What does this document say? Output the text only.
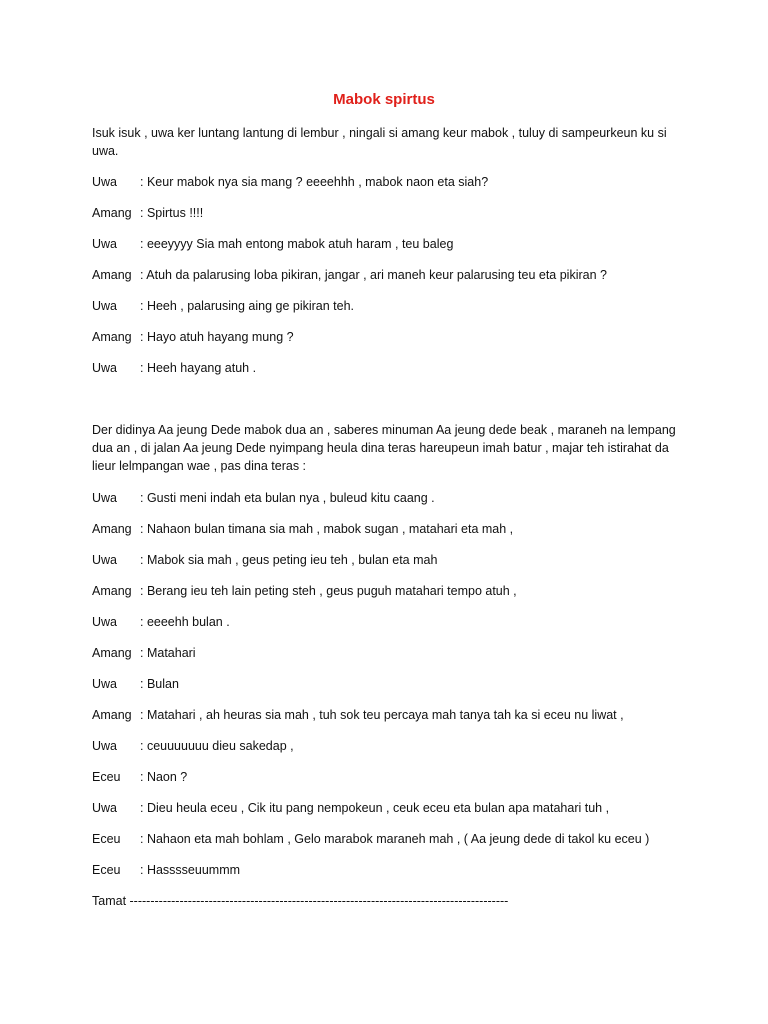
Mabok spirtus
Isuk isuk , uwa ker luntang lantung di lembur , ningali si amang keur mabok , tuluy di sampeurkeun ku si uwa.
Uwa : Keur mabok nya sia mang ? eeeehhh , mabok naon eta siah?
Amang : Spirtus !!!!
Uwa : eeeyyyy Sia mah entong mabok atuh haram , teu baleg
Amang : Atuh da palarusing loba pikiran, jangar , ari maneh keur palarusing teu eta pikiran ?
Uwa : Heeh , palarusing aing ge pikiran teh.
Amang : Hayo atuh hayang mung ?
Uwa : Heeh hayang atuh .
Der didinya Aa jeung Dede mabok dua an , saberes minuman Aa jeung dede beak , maraneh na lempang dua an , di jalan Aa jeung Dede nyimpang heula dina teras hareupeun imah batur , majar teh istirahat da lieur lelmpangan wae , pas dina teras :
Uwa : Gusti meni indah eta bulan nya , buleud kitu caang .
Amang : Nahaon bulan timana sia mah , mabok sugan , matahari eta mah ,
Uwa : Mabok sia mah , geus peting ieu teh , bulan eta mah
Amang : Berang ieu teh lain peting steh , geus puguh matahari tempo atuh ,
Uwa : eeeehh bulan .
Amang : Matahari
Uwa : Bulan
Amang : Matahari , ah heuras sia mah , tuh sok teu percaya mah tanya tah ka si eceu nu liwat ,
Uwa : ceuuuuuuu dieu sakedap ,
Eceu : Naon ?
Uwa : Dieu heula eceu , Cik itu pang nempokeun , ceuk eceu eta bulan apa matahari tuh ,
Eceu : Nahaon eta mah bohlam , Gelo marabok maraneh mah , ( Aa jeung dede di takol ku eceu )
Eceu : Hasssseuummm
Tamat -------------------------------------------------------------------------------------------
